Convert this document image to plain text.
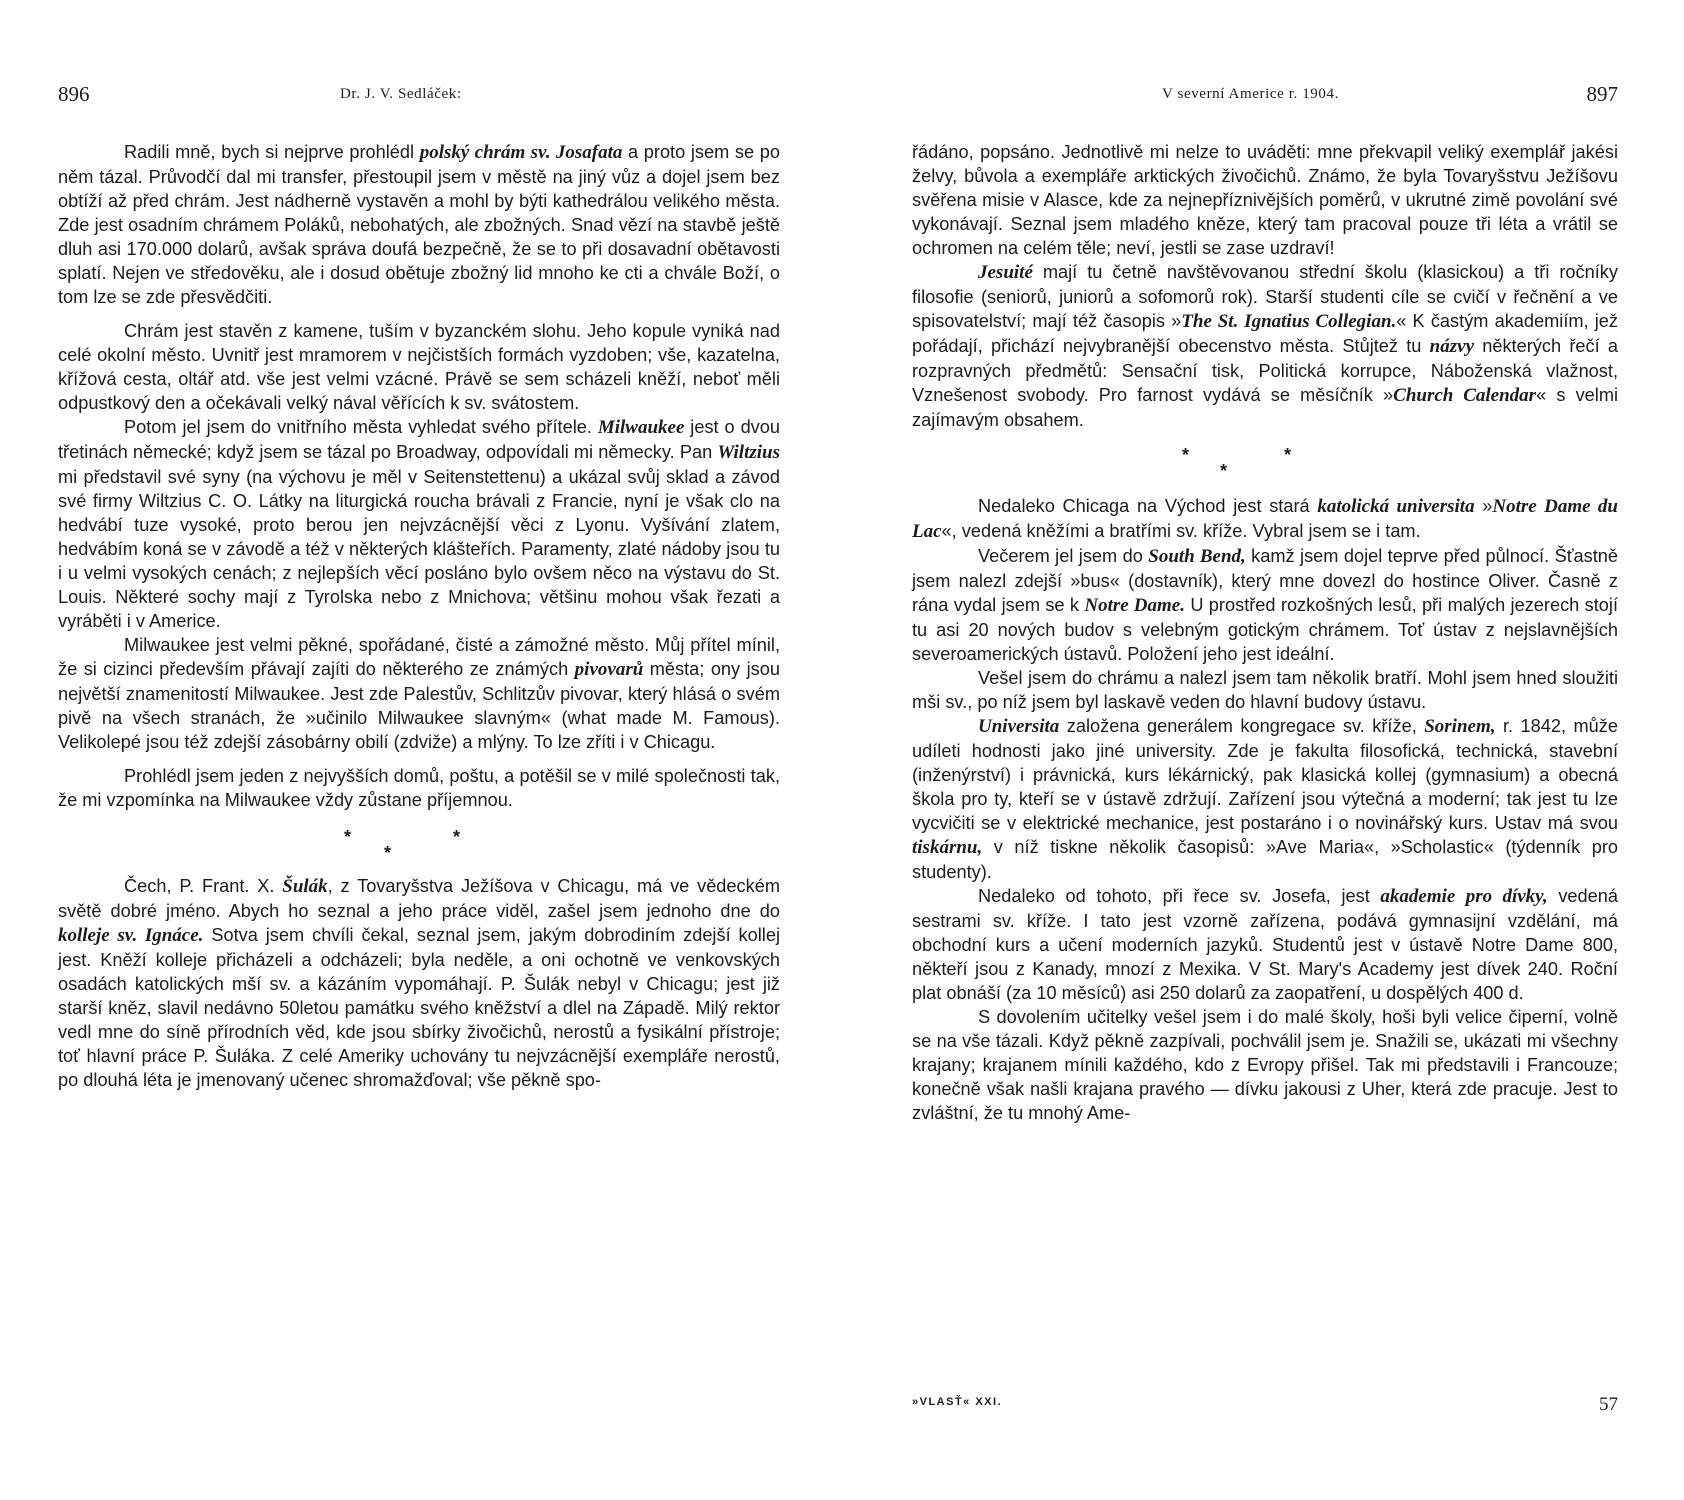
896	Dr. J. V. Sedláček:

Radili mně, bych si nejprve prohlédl polský chrám sv. Josafata a proto jsem se po něm tázal. Průvodčí dal mi transfer, přestoupil jsem v městě na jiný vůz a dojel jsem bez obtíží až před chrám. Jest nádherně vystavěn a mohl by býti kathedrálou velikého města. Zde jest osadním chrámem Poláků, nebohatých, ale zbožných. Snad vězí na stavbě ještě dluh asi 170.000 dolarů, avšak správa doufá bezpečně, že se to při dosavadní obětavosti splatí. Nejen ve středověku, ale i dosud obětuje zbožný lid mnoho ke cti a chvále Boží, o tom lze se zde přesvědčiti.

Chrám jest stavěn z kamene, tuším v byzanckém slohu. Jeho kopule vyniká nad celé okolní město. Uvnitř jest mramorem v nejčistších formách vyzdoben; vše, kazatelna, křížová cesta, oltář atd. vše jest velmi vzácné. Právě se sem scházeli kněží, neboť měli odpustkový den a očekávali velký nával věřících k sv. svátostem.

Potom jel jsem do vnitřního města vyhledat svého přítele. Milwaukee jest o dvou třetinách německé; když jsem se tázal po Broadway, odpovídali mi německy. Pan Wiltzius mi představil své syny (na výchovu je měl v Seitenstettenu) a ukázal svůj sklad a závod své firmy Wiltzius C. O. Látky na liturgická roucha brávali z Francie, nyní je však clo na hedvábí tuze vysoké, proto berou jen nejvzácnější věci z Lyonu. Vyšívání zlatem, hedvábím koná se v závodě a též v některých klášteřích. Paramenty, zlaté nádoby jsou tu i u velmi vysokých cenách; z nejlepších věcí posláno bylo ovšem něco na výstavu do St. Louis. Některé sochy mají z Tyrolska nebo z Mnichova; většinu mohou však řezati a vyráběti i v Americe.

Milwaukee jest velmi pěkné, spořádané, čisté a zámožné město. Můj přítel mínil, že si cizinci především přávají zajíti do některého ze známých pivovarů města; ony jsou největší znamenitostí Milwaukee. Jest zde Palestův, Schlitzův pivovar, který hlásá o svém pivě na všech stranách, že »učinilo Milwaukee slavným« (what made M. Famous). Velikolepé jsou též zdejší zásobárny obilí (zdviže) a mlýny. To lze zříti i v Chicagu.

Prohlédl jsem jeden z nejvyšších domů, poštu, a potěšil se v milé společnosti tak, že mi vzpomínka na Milwaukee vždy zůstane příjemnou.

*
*
*

Čech, P. Frant. X. Šulák, z Tovaryšstva Ježíšova v Chicagu, má ve vědeckém světě dobré jméno. Abych ho seznal a jeho práce viděl, zašel jsem jednoho dne do kolleje sv. Ignáce. Sotva jsem chvíli čekal, seznal jsem, jakým dobrodiním zdejší kollej jest. Kněží kolleje přicházeli a odcházeli; byla neděle, a oni ochotně ve venkovských osadách katolických mší sv. a kázáním vypomáhají. P. Šulák nebyl v Chicagu; jest již starší kněz, slavil nedávno 50letou památku svého kněžství a dlel na Západě. Milý rektor vedl mne do síně přírodních věd, kde jsou sbírky živočichů, nerostů a fysikální přístroje; toť hlavní práce P. Šuláka. Z celé Ameriky uchovány tu nejvzácnější exempláře nerostů, po dlouhá léta je jmenovaný učenec shromažďoval; vše pěkně spo-

V severní Americe r. 1904.	897

řádáno, popsáno. Jednotlivě mi nelze to uváděti: mne překvapil veliký exemplář jakési želvy, bůvola a exempláře arktických živočichů. Známo, že byla Tovaryšstvu Ježíšovu svěřena misie v Alasce, kde za nejnepříznivějších poměrů, v ukrutné zimě povolání své vykonávají. Seznal jsem mladého kněze, který tam pracoval pouze tři léta a vrátil se ochromen na celém těle; neví, jestli se zase uzdraví!

Jesuité mají tu četně navštěvovanou střední školu (klasickou) a tři ročníky filosofie (seniorů, juniorů a sofomorů rok). Starší studenti cíle se cvičí v řečnění a ve spisovatelství; mají též časopis »The St. Ignatius Collegian.« K častým akademiím, jež pořádají, přichází nejvybranější obecenstvo města. Stůjtež tu názvy některých řečí a rozpravných předmětů: Sensační tisk, Politická korrupce, Náboženská vlažnost, Vznešenost svobody. Pro farnost vydává se měsíčník »Church Calendar« s velmi zajímavým obsahem.

*
*
*

Nedaleko Chicaga na Východ jest stará katolická universita »Notre Dame du Lac«, vedená kněžími a bratřími sv. kříže. Vybral jsem se i tam.

Večerem jel jsem do South Bend, kamž jsem dojel teprve před půlnocí. Šťastně jsem nalezl zdejší »bus« (dostavník), který mne dovezl do hostince Oliver. Časně z rána vydal jsem se k Notre Dame. U prostřed rozkošných lesů, při malých jezerech stojí tu asi 20 nových budov s velebným gotickým chrámem. Toť ústav z nejslavnějších severoamerických ústavů. Položení jeho jest ideální.

Vešel jsem do chrámu a nalezl jsem tam několik bratří. Mohl jsem hned sloužiti mši sv., po níž jsem byl laskavě veden do hlavní budovy ústavu.

Universita založena generálem kongregace sv. kříže, Sorinem, r. 1842, může udíleti hodnosti jako jiné university. Zde je fakulta filosofická, technická, stavební (inženýrství) i právnická, kurs lékárnický, pak klasická kollej (gymnasium) a obecná škola pro ty, kteří se v ústavě zdržují. Zařízení jsou výtečná a moderní; tak jest tu lze vycvičiti se v elektrické mechanice, jest postaráno i o novinářský kurs. Ustav má svou tiskárnu, v níž tiskne několik časopisů: »Ave Maria«, »Scholastic« (týdenník pro studenty).

Nedaleko od tohoto, při řece sv. Josefa, jest akademie pro dívky, vedená sestrami sv. kříže. I tato jest vzorně zařízena, podává gymnasijní vzdělání, má obchodní kurs a učení moderních jazyků. Studentů jest v ústavě Notre Dame 800, někteří jsou z Kanady, mnozí z Mexika. V St. Mary's Academy jest dívek 240. Roční plat obnáší (za 10 měsíců) asi 250 dolarů za zaopatření, u dospělých 400 d.

S dovolením učitelky vešel jsem i do malé školy, hoši byli velice čiperní, volně se na vše tázali. Když pěkně zazpívali, pochválil jsem je. Snažili se, ukázati mi všechny krajany; krajanem mínili každého, kdo z Evropy přišel. Tak mi představili i Francouze; konečně však našli krajana pravého — dívku jakousi z Uher, která zde pracuje. Jest to zvláštní, že tu mnohý Ame-

»VLASŤ« XXI.	57
